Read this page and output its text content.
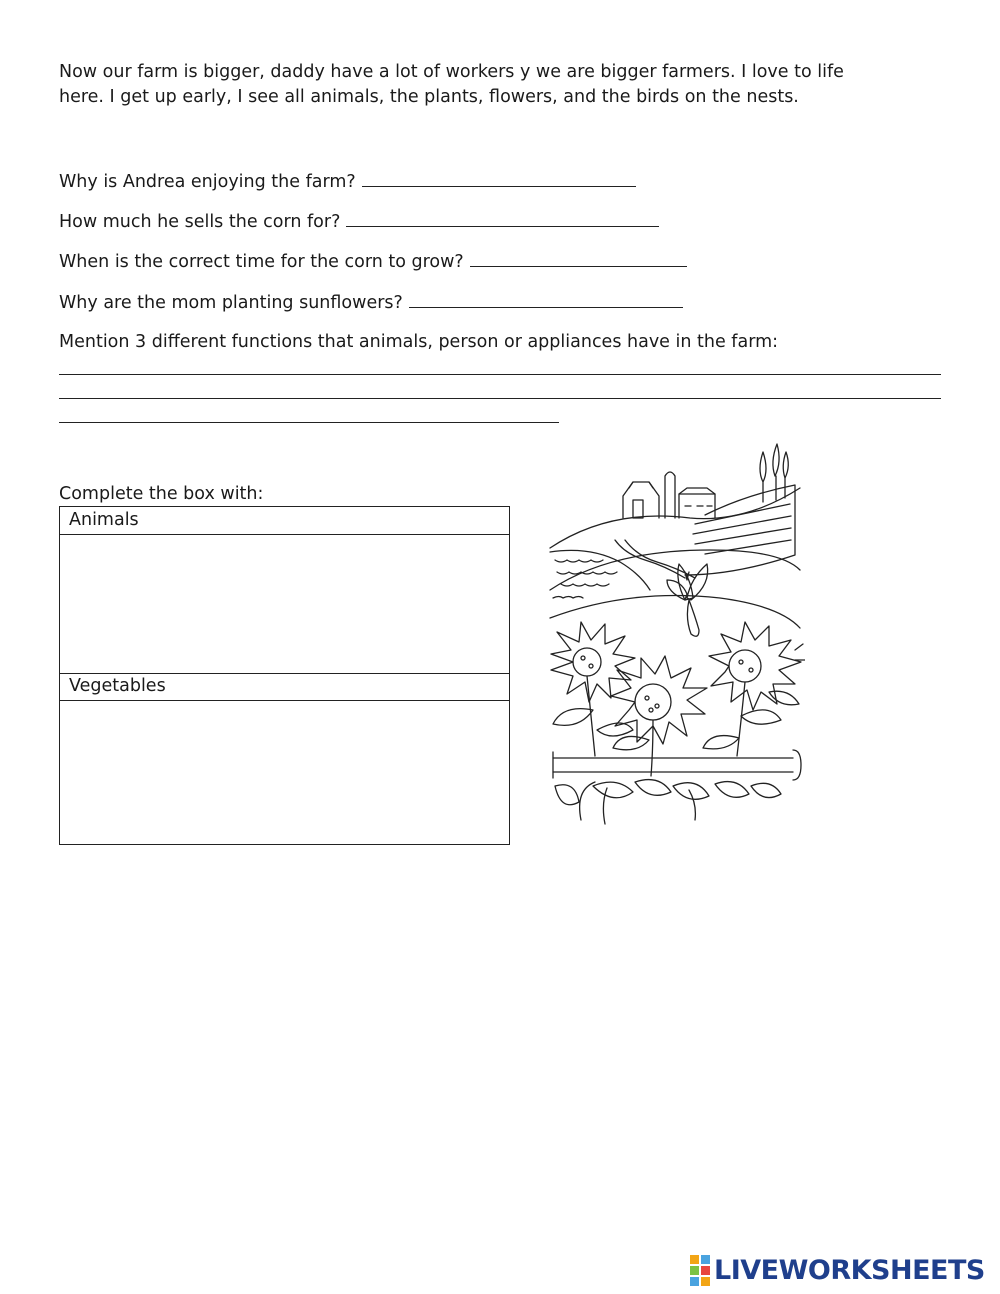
Now our farm is bigger, daddy have a lot of workers y we are bigger farmers. I love to life
here. I get up early, I see all animals, the plants, flowers, and the birds on the nests.
Why is Andrea enjoying the farm?
How much he sells the corn for?
When is the correct time for the corn to grow?
Why are the mom planting sunflowers?
Mention 3 different functions that animals, person or appliances have in the farm:
Complete the box with:
Animals
Vegetables
LIVEWORKSHEETS
